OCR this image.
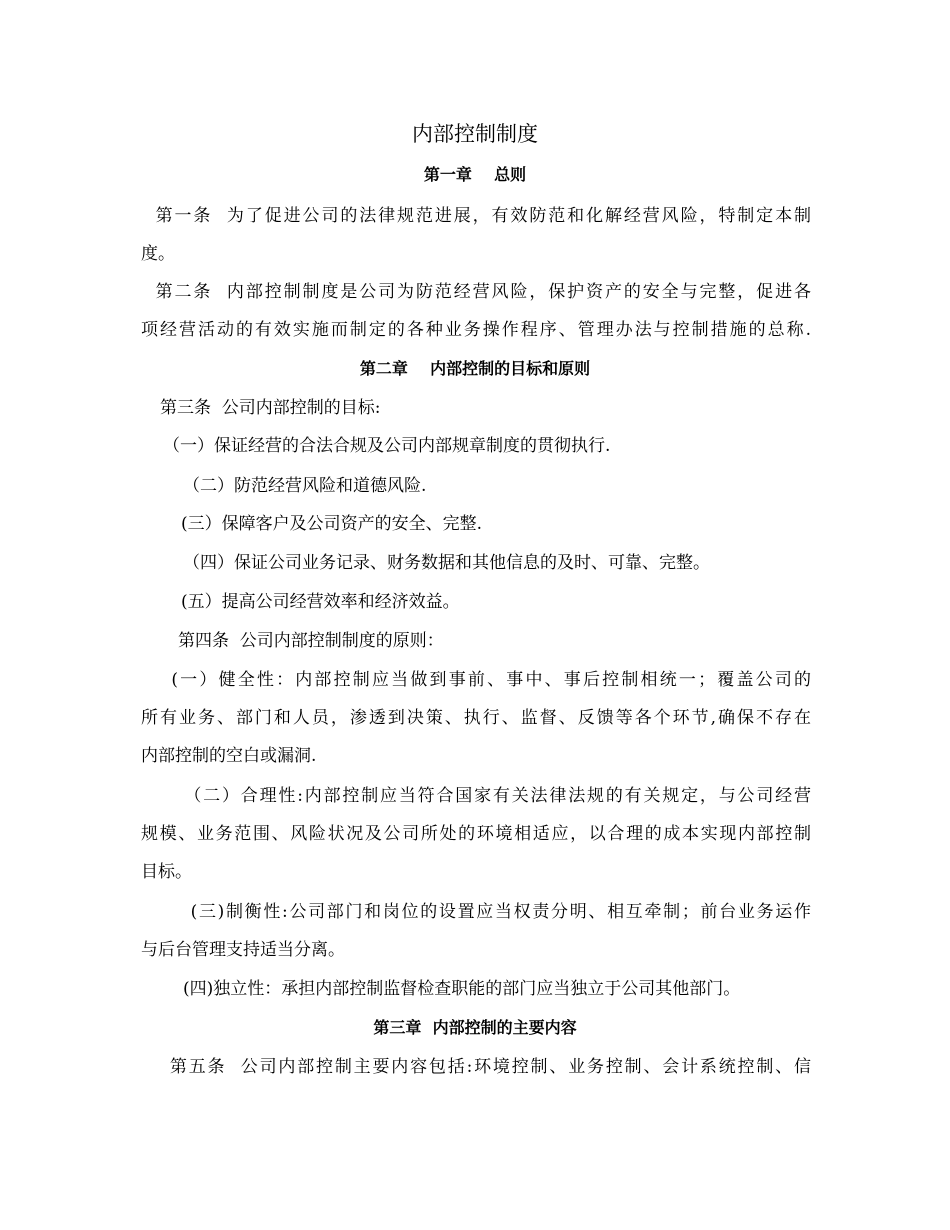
内部控制制度
第一章    总则

第一条  为了促进公司的法律规范进展，有效防范和化解经营风险，特制定本制

度。

第二条  内部控制制度是公司为防范经营风险，保护资产的安全与完整，促进各

项经营活动的有效实施而制定的各种业务操作程序、管理办法与控制措施的总称.

第二章    内部控制的目标和原则

第三条  公司内部控制的目标:

（一）保证经营的合法合规及公司内部规章制度的贯彻执行.

（二）防范经营风险和道德风险.

(三）保障客户及公司资产的安全、完整.

（四）保证公司业务记录、财务数据和其他信息的及时、可靠、完整。

(五）提高公司经营效率和经济效益。

第四条  公司内部控制制度的原则：

(一）健全性：内部控制应当做到事前、事中、事后控制相统一；覆盖公司的

所有业务、部门和人员，渗透到决策、执行、监督、反馈等各个环节,确保不存在

内部控制的空白或漏洞.

（二）合理性:内部控制应当符合国家有关法律法规的有关规定，与公司经营

规模、业务范围、风险状况及公司所处的环境相适应，以合理的成本实现内部控制

目标。

(三)制衡性:公司部门和岗位的设置应当权责分明、相互牵制；前台业务运作

与后台管理支持适当分离。

(四)独立性：承担内部控制监督检查职能的部门应当独立于公司其他部门。

第三章  内部控制的主要内容

第五条  公司内部控制主要内容包括:环境控制、业务控制、会计系统控制、信
